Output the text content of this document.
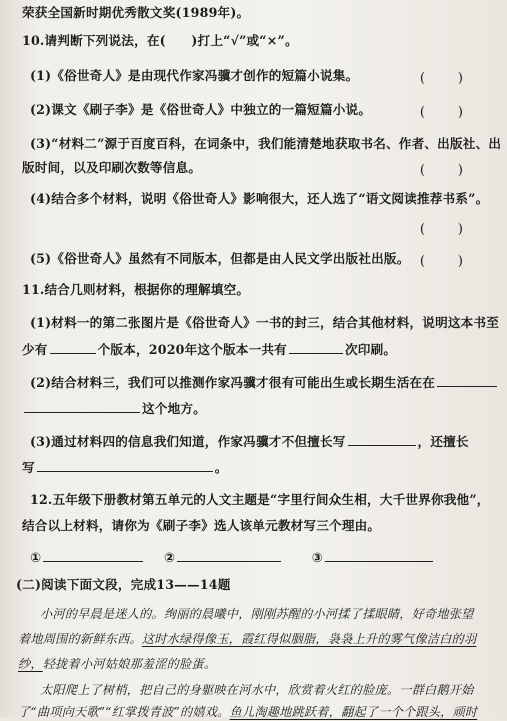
荣获全国新时期优秀散文奖(1989年)。
10.请判断下列说法，在(　　)打上“√”或“×”。
(1)《俗世奇人》是由现代作家冯骥才创作的短篇小说集。	(　)
(2)课文《刷子李》是《俗世奇人》中独立的一篇短篇小说。	(　)
(3)“材料二”源于百度百科，在词条中，我们能清楚地获取书名、作者、出版社、出
版时间，以及印刷次数等信息。	(　)
(4)结合多个材料，说明《俗世奇人》影响很大，还人选了“语文阅读推荐书系”。
(　)
(5)《俗世奇人》虽然有不同版本，但都是由人民文学出版社出版。 (　)
11.结合几则材料，根据你的理解填空。
(1)材料一的第二张图片是《俗世奇人》一书的封三，结合其他材料，说明这本书至
少有	个版本，2020年这个版本一共有	次印刷。
(2)结合材料三，我们可以推测作家冯骥才很有可能出生或长期生活在在
这个地方。
(3)通过材料四的信息我们知道，作家冯骥才不但擅长写	，还擅长
写	。
12.五年级下册教材第五单元的人文主题是“字里行间众生相，大千世界你我他”，
结合以上材料，请你为《刷子李》选人该单元教材写三个理由。
①	②	③
(二)阅读下面文段，完成13——14题
小河的早晨是迷人的。绚丽的晨曦中，刚刚苏醒的小河揉了揉眼睛，好奇地张望
着地周围的新鲜东西。这时水绿得像玉，霞红得似胭脂，袅袅上升的雾气像洁白的羽
纱，轻拢着小河姑娘那羞涩的脸蛋。
太阳爬上了树梢，把自己的身躯映在河水中，欣赏着火红的脸庞。一群白鹅开始
了“曲项向天歌”“红掌拨青波”的嬉戏。鱼儿淘趣地跳跃着，翻起了一个个跟头，顽时
